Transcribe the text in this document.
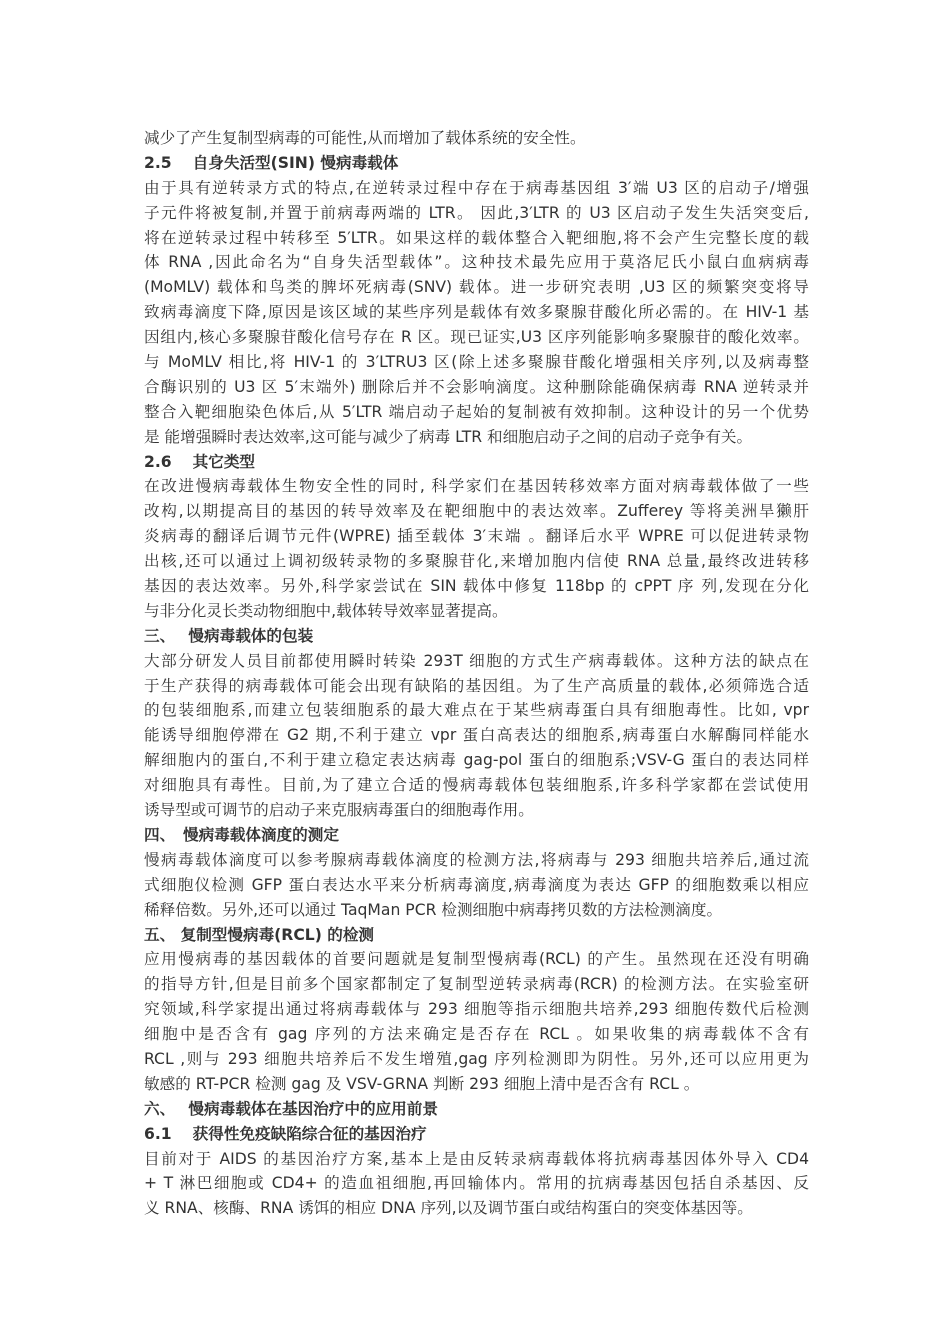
减少了产生复制型病毒的可能性,从而增加了载体系统的安全性。
2.5　 自身失活型(SIN) 慢病毒载体
由于具有逆转录方式的特点,在逆转录过程中存在于病毒基因组 3′端 U3 区的启动子/增强
子元件将被复制,并置于前病毒两端的 LTR。 因此,3′LTR 的 U3 区启动子发生失活突变后,
将在逆转录过程中转移至 5′LTR。如果这样的载体整合入靶细胞,将不会产生完整长度的载
体 RNA ,因此命名为“自身失活型载体”。这种技术最先应用于莫洛尼氏小鼠白血病病毒
(MoMLV) 载体和鸟类的脾坏死病毒(SNV) 载体。进一步研究表明 ,U3 区的频繁突变将导
致病毒滴度下降,原因是该区域的某些序列是载体有效多聚腺苷酸化所必需的。在 HIV-1 基
因组内,核心多聚腺苷酸化信号存在 R 区。现已证实,U3 区序列能影响多聚腺苷的酸化效率。
与 MoMLV 相比,将 HIV-1 的 3′LTRU3 区(除上述多聚腺苷酸化增强相关序列,以及病毒整
合酶识别的 U3 区 5′末端外) 删除后并不会影响滴度。这种删除能确保病毒 RNA 逆转录并
整合入靶细胞染色体后,从 5′LTR 端启动子起始的复制被有效抑制。这种设计的另一个优势
是 能增强瞬时表达效率,这可能与减少了病毒 LTR 和细胞启动子之间的启动子竞争有关。
2.6　 其它类型
在改进慢病毒载体生物安全性的同时, 科学家们在基因转移效率方面对病毒载体做了一些
改构,以期提高目的基因的转导效率及在靶细胞中的表达效率。Zufferey 等将美洲旱獭肝
炎病毒的翻译后调节元件(WPRE) 插至载体 3′末端 。翻译后水平 WPRE 可以促进转录物
出核,还可以通过上调初级转录物的多聚腺苷化,来增加胞内信使 RNA 总量,最终改进转移
基因的表达效率。另外,科学家尝试在 SIN 载体中修复 118bp 的 cPPT 序 列,发现在分化
与非分化灵长类动物细胞中,载体转导效率显著提高。
三、　 慢病毒载体的包装
大部分研发人员目前都使用瞬时转染 293T 细胞的方式生产病毒载体。这种方法的缺点在
于生产获得的病毒载体可能会出现有缺陷的基因组。为了生产高质量的载体,必须筛选合适
的包装细胞系,而建立包装细胞系的最大难点在于某些病毒蛋白具有细胞毒性。比如, vpr
能诱导细胞停滞在 G2 期,不利于建立 vpr 蛋白高表达的细胞系,病毒蛋白水解酶同样能水
解细胞内的蛋白,不利于建立稳定表达病毒 gag-pol 蛋白的细胞系;VSV-G 蛋白的表达同样
对细胞具有毒性。目前,为了建立合适的慢病毒载体包装细胞系,许多科学家都在尝试使用
诱导型或可调节的启动子来克服病毒蛋白的细胞毒作用。
四、　慢病毒载体滴度的测定
慢病毒载体滴度可以参考腺病毒载体滴度的检测方法,将病毒与 293 细胞共培养后,通过流
式细胞仪检测 GFP 蛋白表达水平来分析病毒滴度,病毒滴度为表达 GFP 的细胞数乘以相应
稀释倍数。另外,还可以通过 TaqMan PCR 检测细胞中病毒拷贝数的方法检测滴度。
五、 复制型慢病毒(RCL) 的检测
应用慢病毒的基因载体的首要问题就是复制型慢病毒(RCL) 的产生。虽然现在还没有明确
的指导方针,但是目前多个国家都制定了复制型逆转录病毒(RCR) 的检测方法。在实验室研
究领域,科学家提出通过将病毒载体与 293 细胞等指示细胞共培养,293 细胞传数代后检测
细胞中是否含有 gag 序列的方法来确定是否存在 RCL 。如果收集的病毒载体不含有
RCL ,则与 293 细胞共培养后不发生增殖,gag 序列检测即为阴性。另外,还可以应用更为
敏感的 RT-PCR 检测 gag 及 VSV-GRNA 判断 293 细胞上清中是否含有 RCL 。
六、　 慢病毒载体在基因治疗中的应用前景
6.1　 获得性免疫缺陷综合征的基因治疗
目前对于 AIDS 的基因治疗方案,基本上是由反转录病毒载体将抗病毒基因体外导入 CD4
+ T 淋巴细胞或 CD4+ 的造血祖细胞,再回输体内。常用的抗病毒基因包括自杀基因、反
义 RNA、核酶、RNA 诱饵的相应 DNA 序列,以及调节蛋白或结构蛋白的突变体基因等。
